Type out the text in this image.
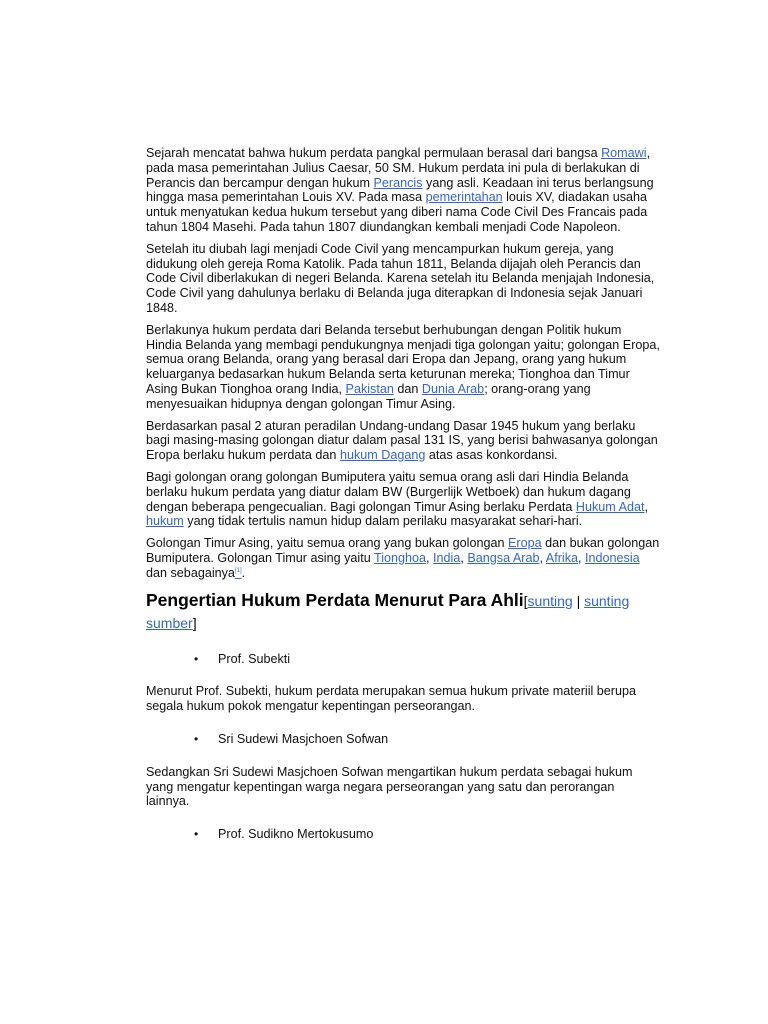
Sejarah mencatat bahwa hukum perdata pangkal permulaan berasal dari bangsa Romawi, pada masa pemerintahan Julius Caesar, 50 SM. Hukum perdata ini pula di berlakukan di Perancis dan bercampur dengan hukum Perancis yang asli. Keadaan ini terus berlangsung hingga masa pemerintahan Louis XV. Pada masa pemerintahan louis XV, diadakan usaha untuk menyatukan kedua hukum tersebut yang diberi nama Code Civil Des Francais pada tahun 1804 Masehi. Pada tahun 1807 diundangkan kembali menjadi Code Napoleon.

Setelah itu diubah lagi menjadi Code Civil yang mencampurkan hukum gereja, yang didukung oleh gereja Roma Katolik. Pada tahun 1811, Belanda dijajah oleh Perancis dan Code Civil diberlakukan di negeri Belanda. Karena setelah itu Belanda menjajah Indonesia, Code Civil yang dahulunya berlaku di Belanda juga diterapkan di Indonesia sejak Januari 1848.

Berlakunya hukum perdata dari Belanda tersebut berhubungan dengan Politik hukum Hindia Belanda yang membagi pendukungnya menjadi tiga golongan yaitu; golongan Eropa, semua orang Belanda, orang yang berasal dari Eropa dan Jepang, orang yang hukum keluarganya bedasarkan hukum Belanda serta keturunan mereka; Tionghoa dan Timur Asing Bukan Tionghoa orang India, Pakistan dan Dunia Arab; orang-orang yang menyesuaikan hidupnya dengan golongan Timur Asing.

Berdasarkan pasal 2 aturan peradilan Undang-undang Dasar 1945 hukum yang berlaku bagi masing-masing golongan diatur dalam pasal 131 IS, yang berisi bahwasanya golongan Eropa berlaku hukum perdata dan hukum Dagang atas asas konkordansi.

Bagi golongan orang golongan Bumiputera yaitu semua orang asli dari Hindia Belanda berlaku hukum perdata yang diatur dalam BW (Burgerlijk Wetboek) dan hukum dagang dengan beberapa pengecualian. Bagi golongan Timur Asing berlaku Perdata Hukum Adat, hukum yang tidak tertulis namun hidup dalam perilaku masyarakat sehari-hari.

Golongan Timur Asing, yaitu semua orang yang bukan golongan Eropa dan bukan golongan Bumiputera. Golongan Timur asing yaitu Tionghoa, India, Bangsa Arab, Afrika, Indonesia dan sebagainya[1].

Pengertian Hukum Perdata Menurut Para Ahli[sunting | sunting sumber]
• Prof. Subekti

Menurut Prof. Subekti, hukum perdata merupakan semua hukum private materiil berupa segala hukum pokok mengatur kepentingan perseorangan.

• Sri Sudewi Masjchoen Sofwan

Sedangkan Sri Sudewi Masjchoen Sofwan mengartikan hukum perdata sebagai hukum yang mengatur kepentingan warga negara perseorangan yang satu dan perorangan lainnya.

• Prof. Sudikno Mertokusumo
